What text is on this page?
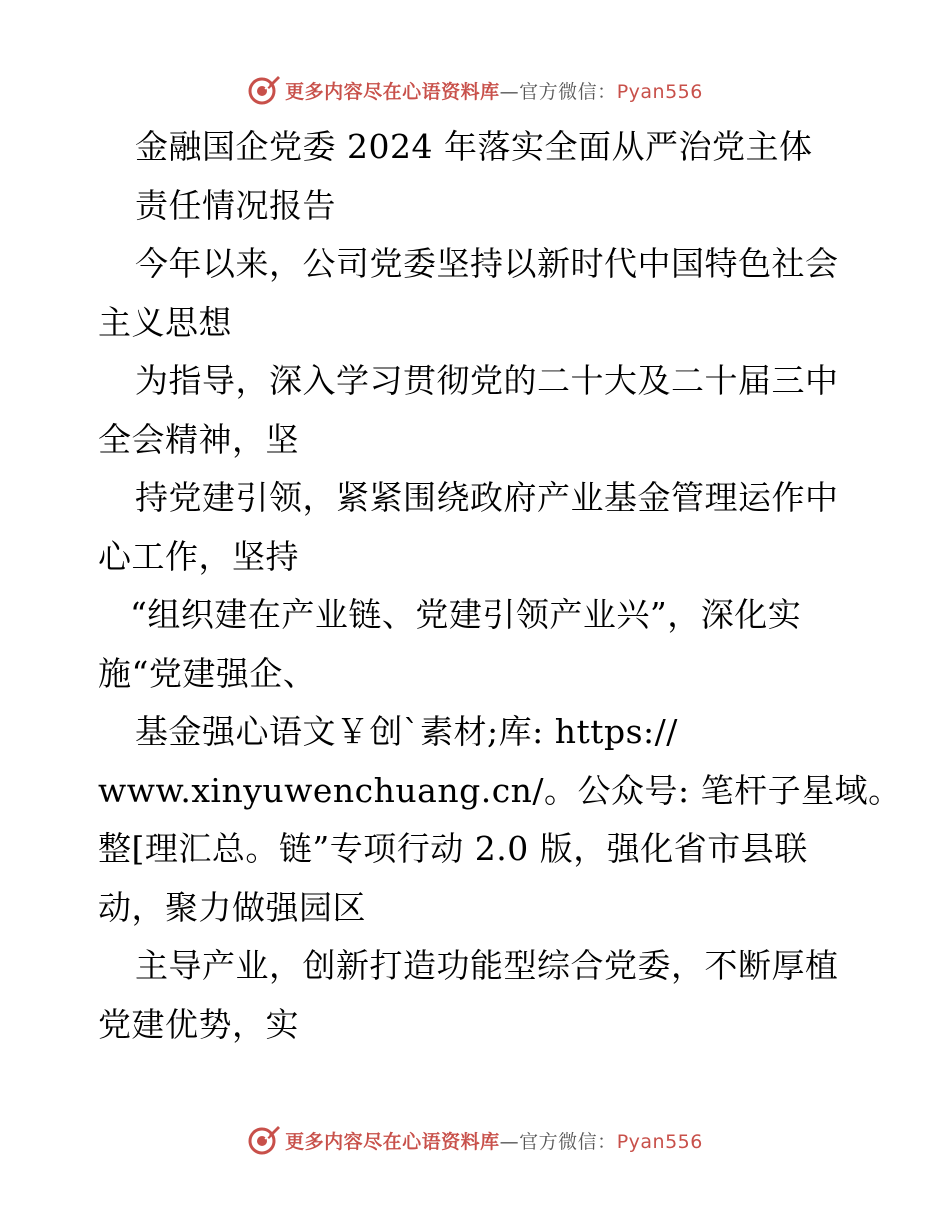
更多内容尽在心语资料库—官方微信：Pyan556
金融国企党委 2024 年落实全面从严治党主体
责任情况报告
今年以来，公司党委坚持以新时代中国特色社会
主义思想
为指导，深入学习贯彻党的二十大及二十届三中
全会精神，坚
持党建引领，紧紧围绕政府产业基金管理运作中
心工作，坚持
“组织建在产业链、党建引领产业兴”，深化实
施“党建强企、
基金强心语文￥创`素材;库: https://
www.xinyuwenchuang.cn/。公众号: 笔杆子星域。
整[理汇总。链”专项行动 2.0 版，强化省市县联
动，聚力做强园区
主导产业，创新打造功能型综合党委，不断厚植
党建优势，实
更多内容尽在心语资料库—官方微信：Pyan556
